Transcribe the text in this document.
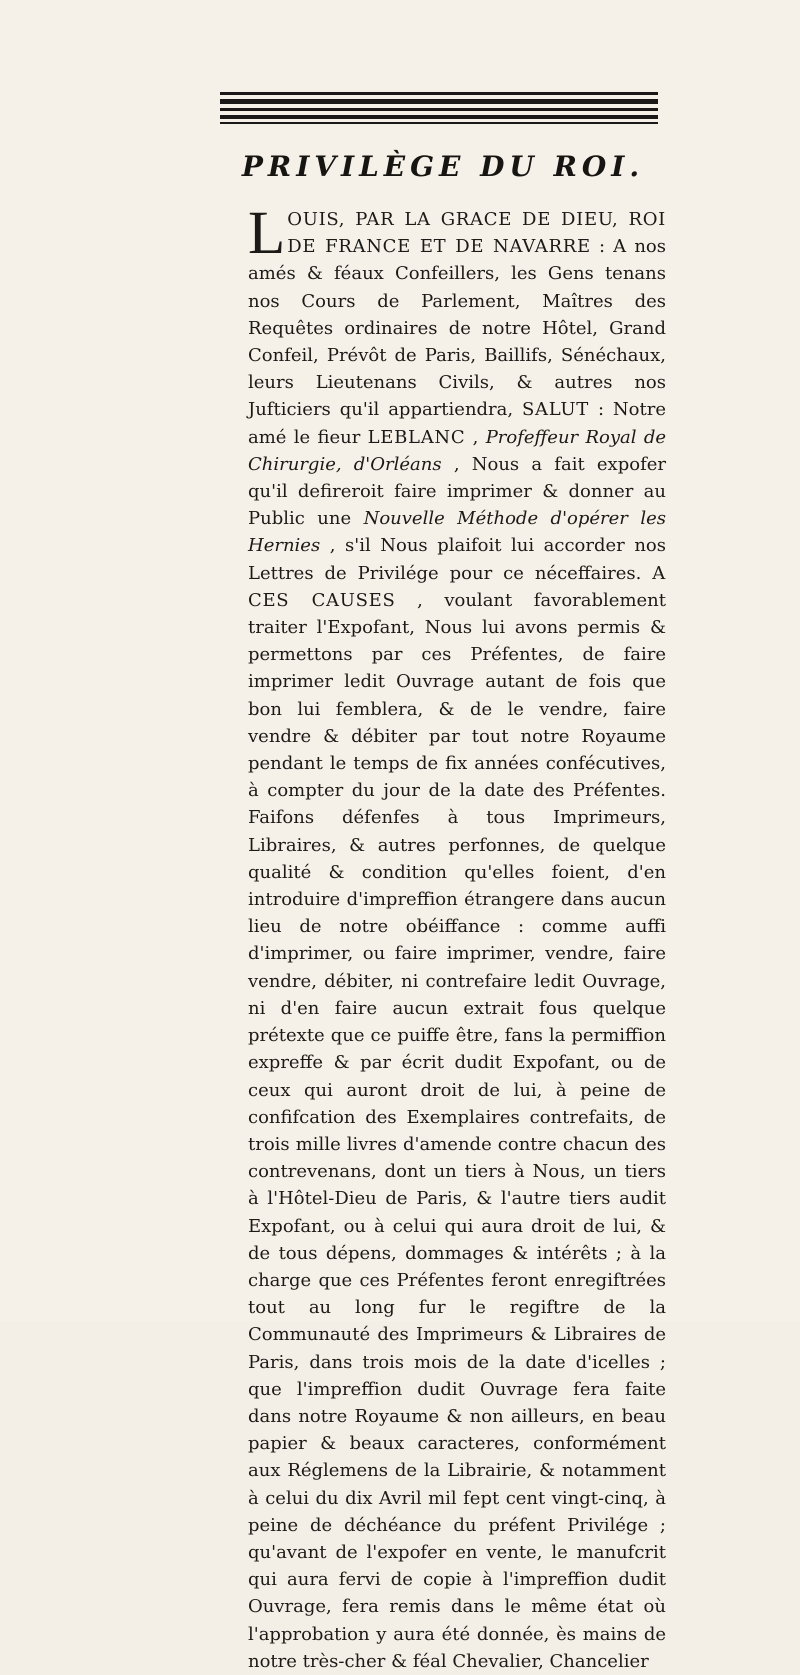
PRIVILÈGE DU ROI.

L OUIS, PAR LA GRACE DE DIEU, ROI DE FRANCE ET DE NAVARRE : A nos amés & féaux Confeillers, les Gens tenans nos Cours de Parlement, Maîtres des Requêtes ordinaires de notre Hôtel, Grand Confeil, Prévôt de Paris, Baillifs, Sénéchaux, leurs Lieutenans Civils, & autres nos Jufticiers qu'il appartiendra, SALUT : Notre amé le fieur LEBLANC , Profeffeur Royal de Chirurgie, d'Orléans , Nous a fait expofer qu'il defireroit faire imprimer & donner au Public une Nouvelle Méthode d'opérer les Hernies , s'il Nous plaifoit lui accorder nos Lettres de Privilége pour ce néceffaires. A CES CAUSES , voulant favorablement traiter l'Expofant, Nous lui avons permis & permettons par ces Préfentes, de faire imprimer ledit Ouvrage autant de fois que bon lui femblera, & de le vendre, faire vendre & débiter par tout notre Royaume pendant le temps de fix années confécutives, à compter du jour de la date des Préfentes. Faifons défenfes à tous Imprimeurs, Libraires, & autres perfonnes, de quelque qualité & condition qu'elles foient, d'en introduire d'impreffion étrangere dans aucun lieu de notre obéiffance : comme auffi d'imprimer, ou faire imprimer, vendre, faire vendre, débiter, ni contrefaire ledit Ouvrage, ni d'en faire aucun extrait fous quelque prétexte que ce puiffe être, fans la permiffion expreffe & par écrit dudit Expofant, ou de ceux qui auront droit de lui, à peine de confifcation des Exemplaires contrefaits, de trois mille livres d'amende contre chacun des contrevenans, dont un tiers à Nous, un tiers à l'Hôtel-Dieu de Paris, & l'autre tiers audit Expofant, ou à celui qui aura droit de lui, & de tous dépens, dommages & intérêts ; à la charge que ces Préfentes feront enregiftrées tout au long fur le regiftre de la Communauté des Imprimeurs & Libraires de Paris, dans trois mois de la date d'icelles ; que l'impreffion dudit Ouvrage fera faite dans notre Royaume & non ailleurs, en beau papier & beaux caracteres, conformément aux Réglemens de la Librairie, & notamment à celui du dix Avril mil fept cent vingt-cinq, à peine de déchéance du préfent Privilége ; qu'avant de l'expofer en vente, le manufcrit qui aura fervi de copie à l'impreffion dudit Ouvrage, fera remis dans le même état où l'approbation y aura été donnée, ès mains de notre très-cher & féal Chevalier, Chancelier
